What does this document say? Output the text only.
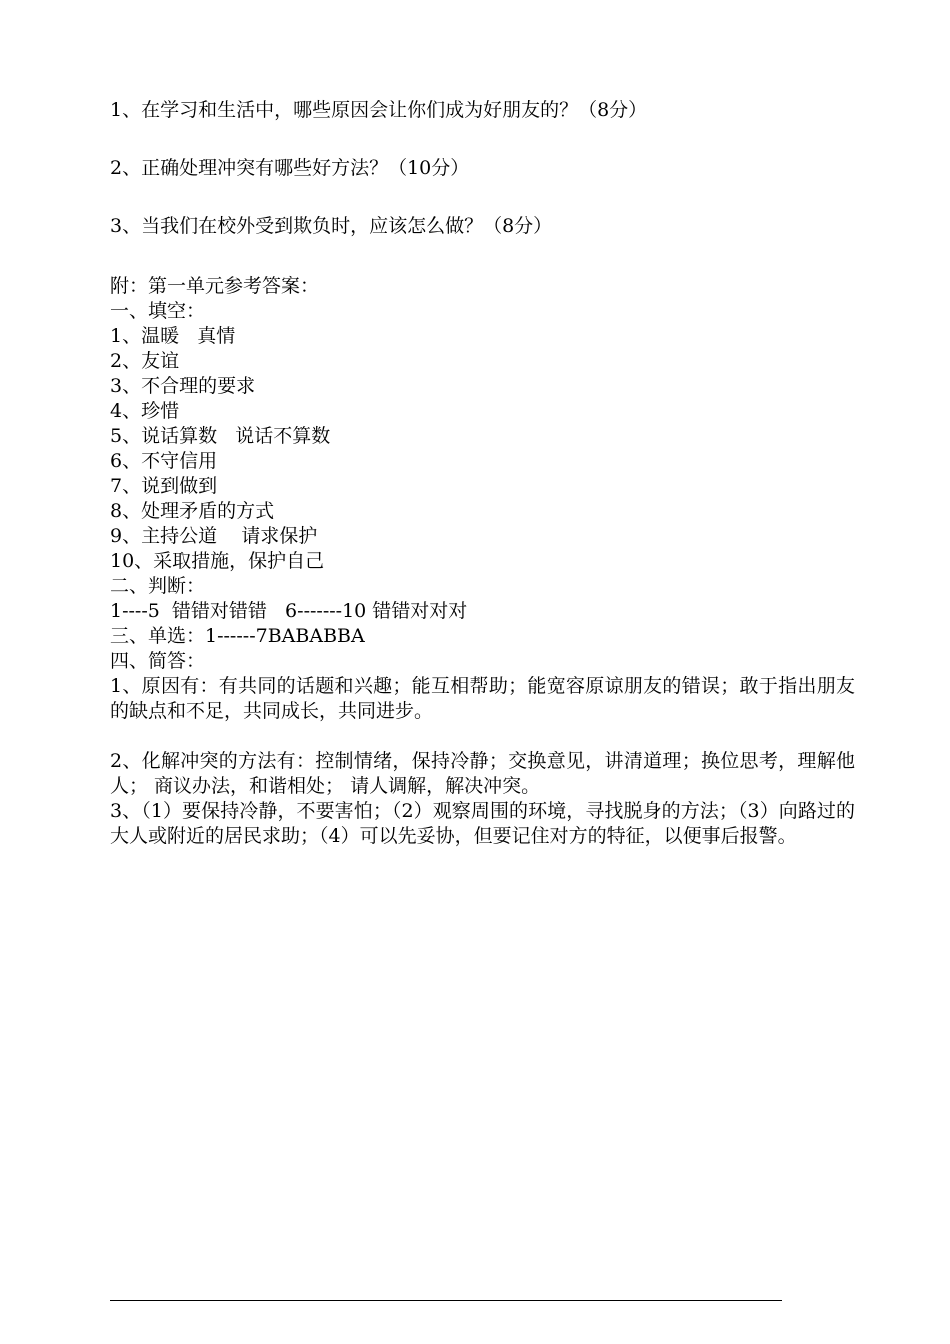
1、在学习和生活中，哪些原因会让你们成为好朋友的？（8分）

2、正确处理冲突有哪些好方法？（10分）

3、当我们在校外受到欺负时，应该怎么做？（8分）

附：第一单元参考答案：

一、填空：

1、温暖   真情

2、友谊

3、不合理的要求

4、珍惜

5、说话算数   说话不算数

6、不守信用

7、说到做到

8、处理矛盾的方式

9、主持公道    请求保护

10、采取措施，保护自己

二、判断：

1----5  错错对错错   6-------10 错错对对对

三、单选：1------7BABABBA

四、简答：

1、原因有：有共同的话题和兴趣；能互相帮助；能宽容原谅朋友的错误；敢于指出朋友的缺点和不足，共同成长，共同进步。

2、化解冲突的方法有：控制情绪，保持冷静；交换意见，讲清道理；换位思考，理解他人； 商议办法，和谐相处； 请人调解，解决冲突。

3、（1）要保持冷静，不要害怕；（2）观察周围的环境，寻找脱身的方法；（3）向路过的大人或附近的居民求助；（4）可以先妥协，但要记住对方的特征，以便事后报警。
